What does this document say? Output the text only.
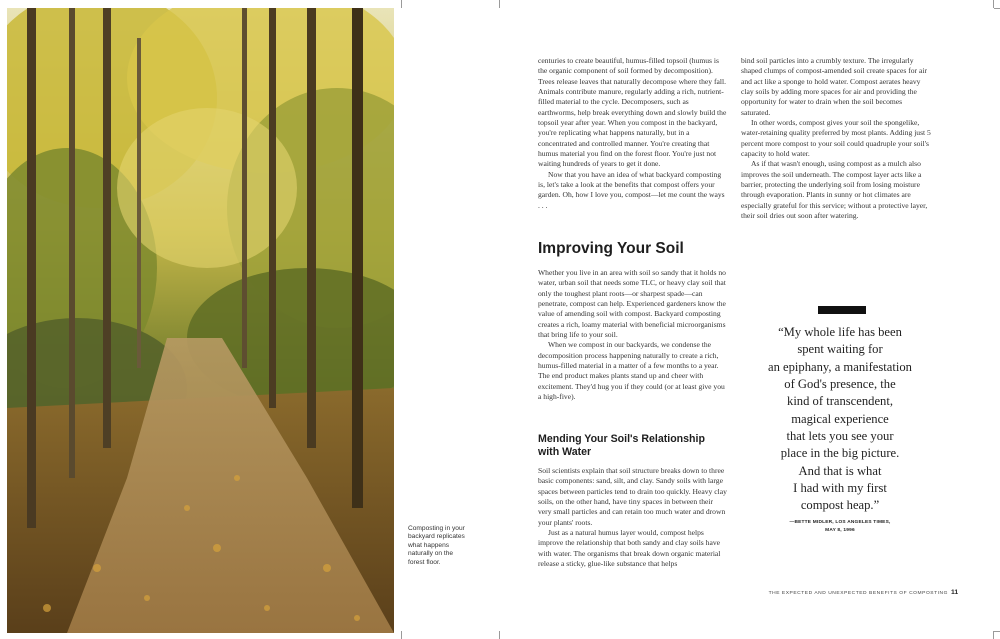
Composting in your backyard replicates what happens naturally on the forest floor.

centuries to create beautiful, humus-filled topsoil (humus is the organic component of soil formed by decomposition). Trees release leaves that naturally decompose where they fall. Animals contribute manure, regularly adding a rich, nutrient-filled material to the cycle. Decomposers, such as earthworms, help break everything down and slowly build the topsoil year after year. When you compost in the backyard, you're replicating what happens naturally, but in a concentrated and controlled manner. You're creating that humus material you find on the forest floor. You're just not waiting hundreds of years to get it done.

Now that you have an idea of what backyard composting is, let's take a look at the benefits that compost offers your garden. Oh, how I love you, compost—let me count the ways . . .

Improving Your Soil

Whether you live in an area with soil so sandy that it holds no water, urban soil that needs some TLC, or heavy clay soil that only the toughest plant roots—or sharpest spade—can penetrate, compost can help. Experienced gardeners know the value of amending soil with compost. Backyard composting creates a rich, loamy material with beneficial microorganisms that bring life to your soil.

When we compost in our backyards, we condense the decomposition process happening naturally to create a rich, humus-filled material in a matter of a few months to a year. The end product makes plants stand up and cheer with excitement. They'd hug you if they could (or at least give you a high-five).

Mending Your Soil's Relationship with Water

Soil scientists explain that soil structure breaks down to three basic components: sand, silt, and clay. Sandy soils with large spaces between particles tend to drain too quickly. Heavy clay soils, on the other hand, have tiny spaces in between their very small particles and can retain too much water and drown your plants' roots.

Just as a natural humus layer would, compost helps improve the relationship that both sandy and clay soils have with water. The organisms that break down organic material release a sticky, glue-like substance that helps

bind soil particles into a crumbly texture. The irregularly shaped clumps of compost-amended soil create spaces for air and act like a sponge to hold water. Compost aerates heavy clay soils by adding more spaces for air and providing the opportunity for water to drain when the soil becomes saturated.

In other words, compost gives your soil the spongelike, water-retaining quality preferred by most plants. Adding just 5 percent more compost to your soil could quadruple your soil's capacity to hold water.

As if that wasn't enough, using compost as a mulch also improves the soil underneath. The compost layer acts like a barrier, protecting the underlying soil from losing moisture through evaporation. Plants in sunny or hot climates are especially grateful for this service; without a protective layer, their soil dries out soon after watering.

“My whole life has been
spent waiting for
an epiphany, a manifestation
of God's presence, the
kind of transcendent,
magical experience
that lets you see your
place in the big picture.
And that is what
I had with my first
compost heap.”
—BETTE MIDLER, LOS ANGELES TIMES,
MAY 8, 1996
THE EXPECTED AND UNEXPECTED BENEFITS OF COMPOSTING 11
